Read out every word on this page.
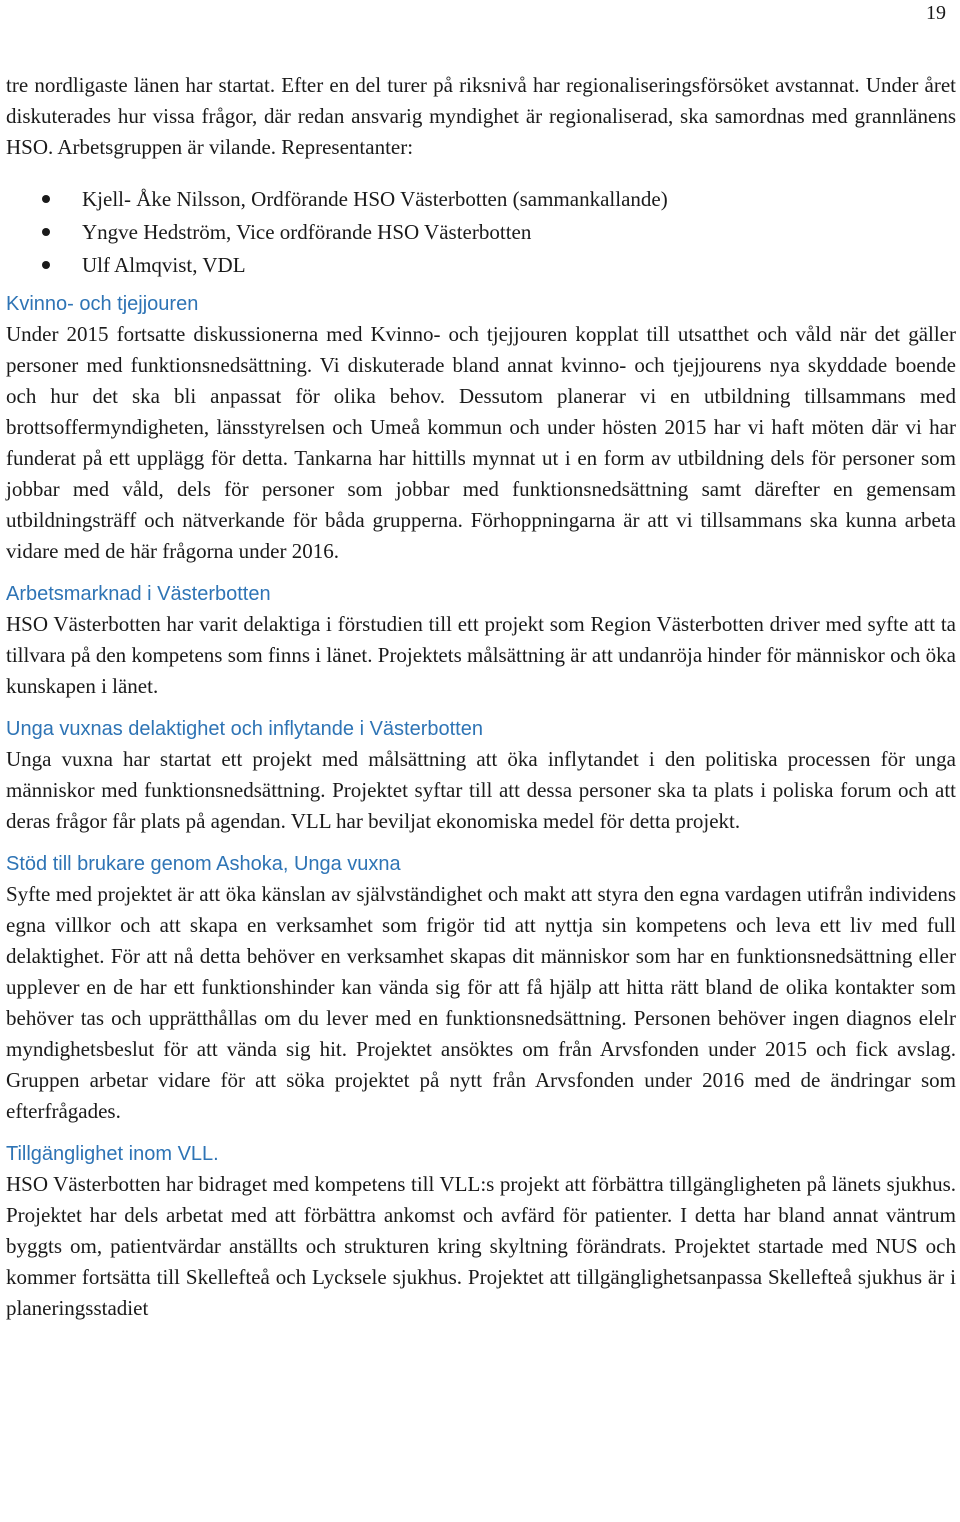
19

tre nordligaste länen har startat. Efter en del turer på riksnivå har regionaliseringsförsöket avstannat. Under året diskuterades hur vissa frågor, där redan ansvarig myndighet är regionaliserad, ska samordnas med grannlänens HSO. Arbetsgruppen är vilande. Representanter:

Kjell- Åke Nilsson, Ordförande HSO Västerbotten (sammankallande)
Yngve Hedström, Vice ordförande HSO Västerbotten
Ulf Almqvist, VDL
Kvinno- och tjejjouren

Under 2015 fortsatte diskussionerna med Kvinno- och tjejjouren kopplat till utsatthet och våld när det gäller personer med funktionsnedsättning. Vi diskuterade bland annat kvinno- och tjejjourens nya skyddade boende och hur det ska bli anpassat för olika behov. Dessutom planerar vi en utbildning tillsammans med brottsoffermyndigheten, länsstyrelsen och Umeå kommun och under hösten 2015 har vi haft möten där vi har funderat på ett upplägg för detta. Tankarna har hittills mynnat ut i en form av utbildning dels för personer som jobbar med våld, dels för personer som jobbar med funktionsnedsättning samt därefter en gemensam utbildningsträff och nätverkande för båda grupperna. Förhoppningarna är att vi tillsammans ska kunna arbeta vidare med de här frågorna under 2016.

Arbetsmarknad i Västerbotten

HSO Västerbotten har varit delaktiga i förstudien till ett projekt som Region Västerbotten driver med syfte att ta tillvara på den kompetens som finns i länet. Projektets målsättning är att undanröja hinder för människor och öka kunskapen i länet.

Unga vuxnas delaktighet och inflytande i Västerbotten

Unga vuxna har startat ett projekt med målsättning att öka inflytandet i den politiska processen för unga människor med funktionsnedsättning. Projektet syftar till att dessa personer ska ta plats i poliska forum och att deras frågor får plats på agendan. VLL har beviljat ekonomiska medel för detta projekt.

Stöd till brukare genom Ashoka, Unga vuxna

Syfte med projektet är att öka känslan av självständighet och makt att styra den egna vardagen utifrån individens egna villkor och att skapa en verksamhet som frigör tid att nyttja sin kompetens och leva ett liv med full delaktighet. För att nå detta behöver en verksamhet skapas dit människor som har en funktionsnedsättning eller upplever en de har ett funktionshinder kan vända sig för att få hjälp att hitta rätt bland de olika kontakter som behöver tas och upprätthållas om du lever med en funktionsnedsättning. Personen behöver ingen diagnos elelr myndighetsbeslut för att vända sig hit. Projektet ansöktes om från Arvsfonden under 2015 och fick avslag. Gruppen arbetar vidare för att söka projektet på nytt från Arvsfonden under 2016 med de ändringar som efterfrågades.

Tillgänglighet inom VLL.

HSO Västerbotten har bidraget med kompetens till VLL:s projekt att förbättra tillgängligheten på länets sjukhus. Projektet har dels arbetat med att förbättra ankomst och avfärd för patienter. I detta har bland annat väntrum byggts om, patientvärdar anställts och strukturen kring skyltning förändrats. Projektet startade med NUS och kommer fortsätta till Skellefteå och Lycksele sjukhus. Projektet att tillgänglighetsanpassa Skellefteå sjukhus är i planeringsstadiet
